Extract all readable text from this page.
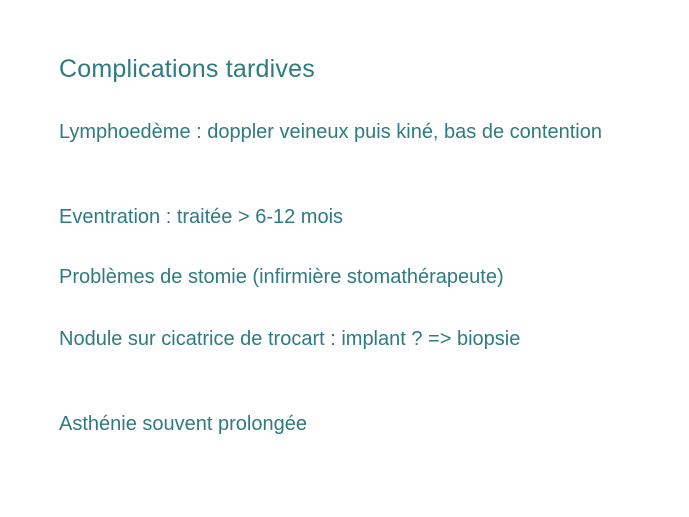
Complications tardives

Lymphoedème : doppler veineux puis kiné, bas de contention

Eventration : traitée > 6-12 mois

Problèmes de stomie (infirmière stomathérapeute)

Nodule sur cicatrice de trocart : implant ? => biopsie

Asthénie souvent prolongée
